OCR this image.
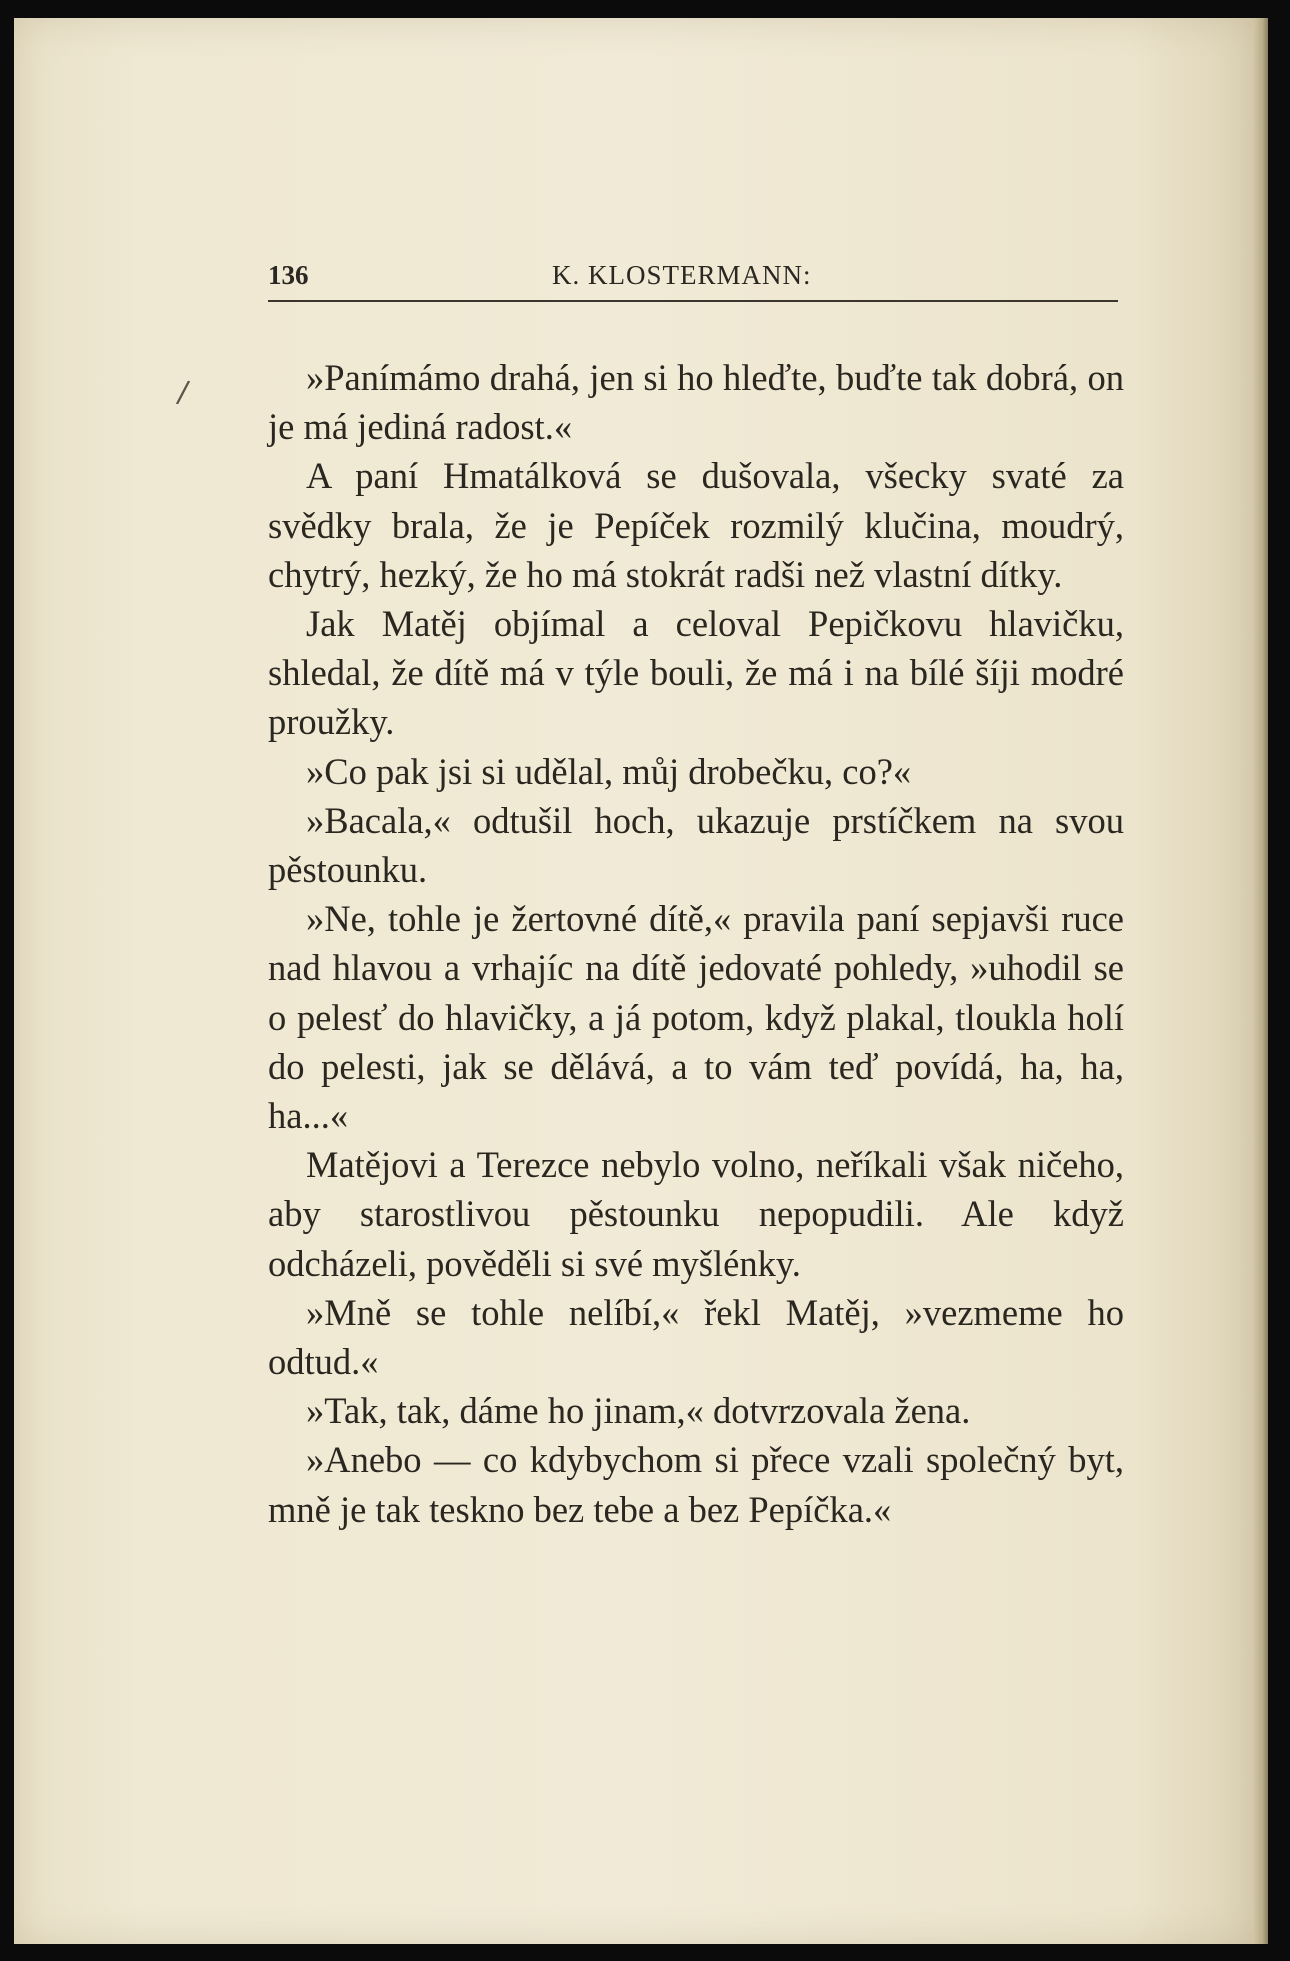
/
136	K. KLOSTERMANN:

»Panímámo drahá, jen si ho hleďte, buďte tak dobrá, on je má jediná radost.«

A paní Hmatálková se dušovala, všecky svaté za svědky brala, že je Pepíček rozmilý klučina, moudrý, chytrý, hezký, že ho má stokrát radši než vlastní dítky.

Jak Matěj objímal a celoval Pepičkovu hlavičku, shledal, že dítě má v týle bouli, že má i na bílé šíji modré proužky.

»Co pak jsi si udělal, můj drobečku, co?«

»Bacala,« odtušil hoch, ukazuje prstíčkem na svou pěstounku.

»Ne, tohle je žertovné dítě,« pravila paní sepjavši ruce nad hlavou a vrhajíc na dítě jedovaté pohledy, »uhodil se o pelesť do hlavičky, a já potom, když plakal, tloukla holí do pelesti, jak se dělává, a to vám teď povídá, ha, ha, ha...«

Matějovi a Terezce nebylo volno, neříkali však ničeho, aby starostlivou pěstounku nepopudili. Ale když odcházeli, pověděli si své myšlénky.

»Mně se tohle nelíbí,« řekl Matěj, »vezmeme ho odtud.«

»Tak, tak, dáme ho jinam,« dotvrzovala žena.

»Anebo — co kdybychom si přece vzali společný byt, mně je tak teskno bez tebe a bez Pepíčka.«
